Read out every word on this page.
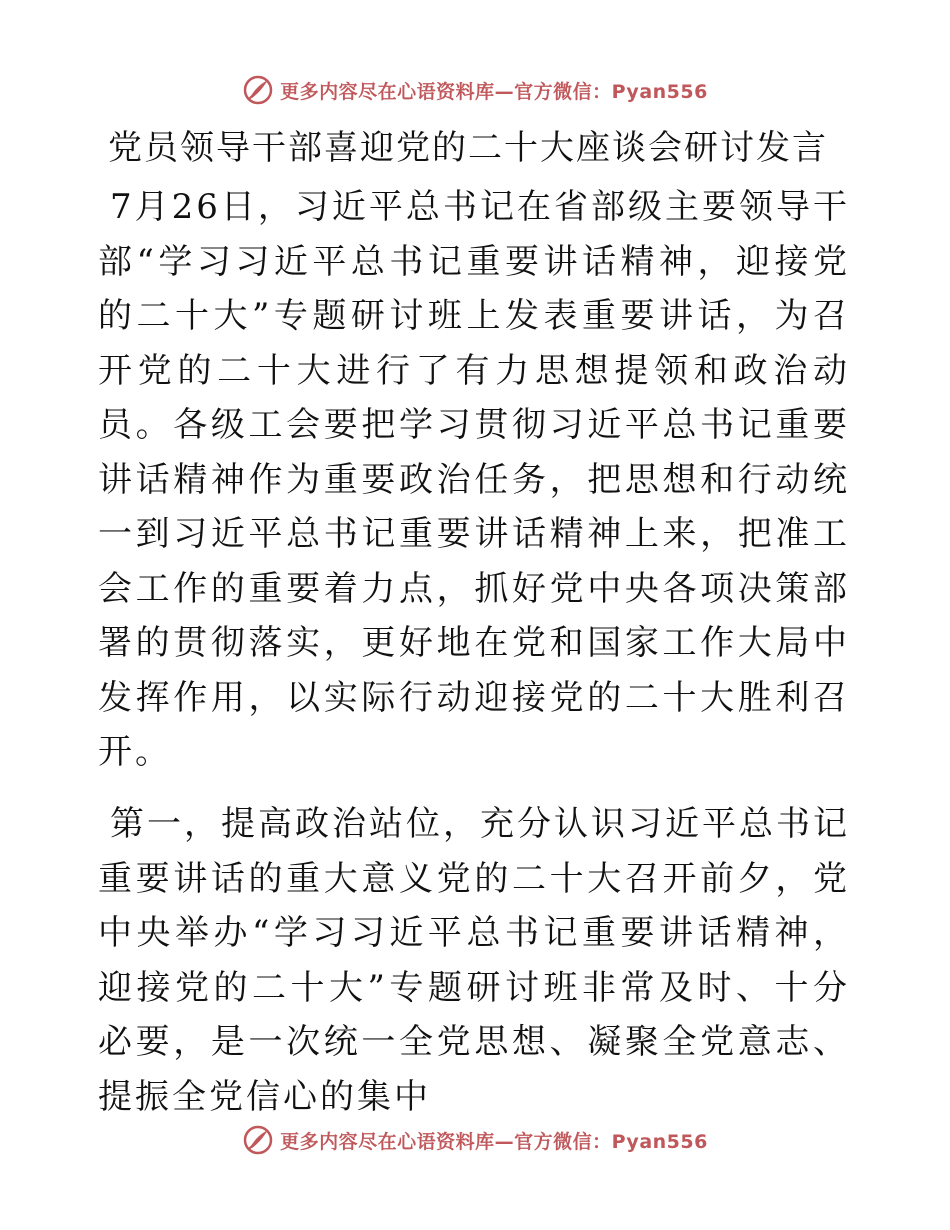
更多内容尽在心语资料库—官方微信：Pyan556
党员领导干部喜迎党的二十大座谈会研讨发言

7月26日，习近平总书记在省部级主要领导干部“学习习近平总书记重要讲话精神，迎接党的二十大”专题研讨班上发表重要讲话，为召开党的二十大进行了有力思想提领和政治动员。各级工会要把学习贯彻习近平总书记重要讲话精神作为重要政治任务，把思想和行动统一到习近平总书记重要讲话精神上来，把准工会工作的重要着力点，抓好党中央各项决策部署的贯彻落实，更好地在党和国家工作大局中发挥作用，以实际行动迎接党的二十大胜利召开。

第一，提高政治站位，充分认识习近平总书记重要讲话的重大意义党的二十大召开前夕，党中央举办“学习习近平总书记重要讲话精神，迎接党的二十大”专题研讨班非常及时、十分必要，是一次统一全党思想、凝聚全党意志、提振全党信心的集中

更多内容尽在心语资料库—官方微信：Pyan556
